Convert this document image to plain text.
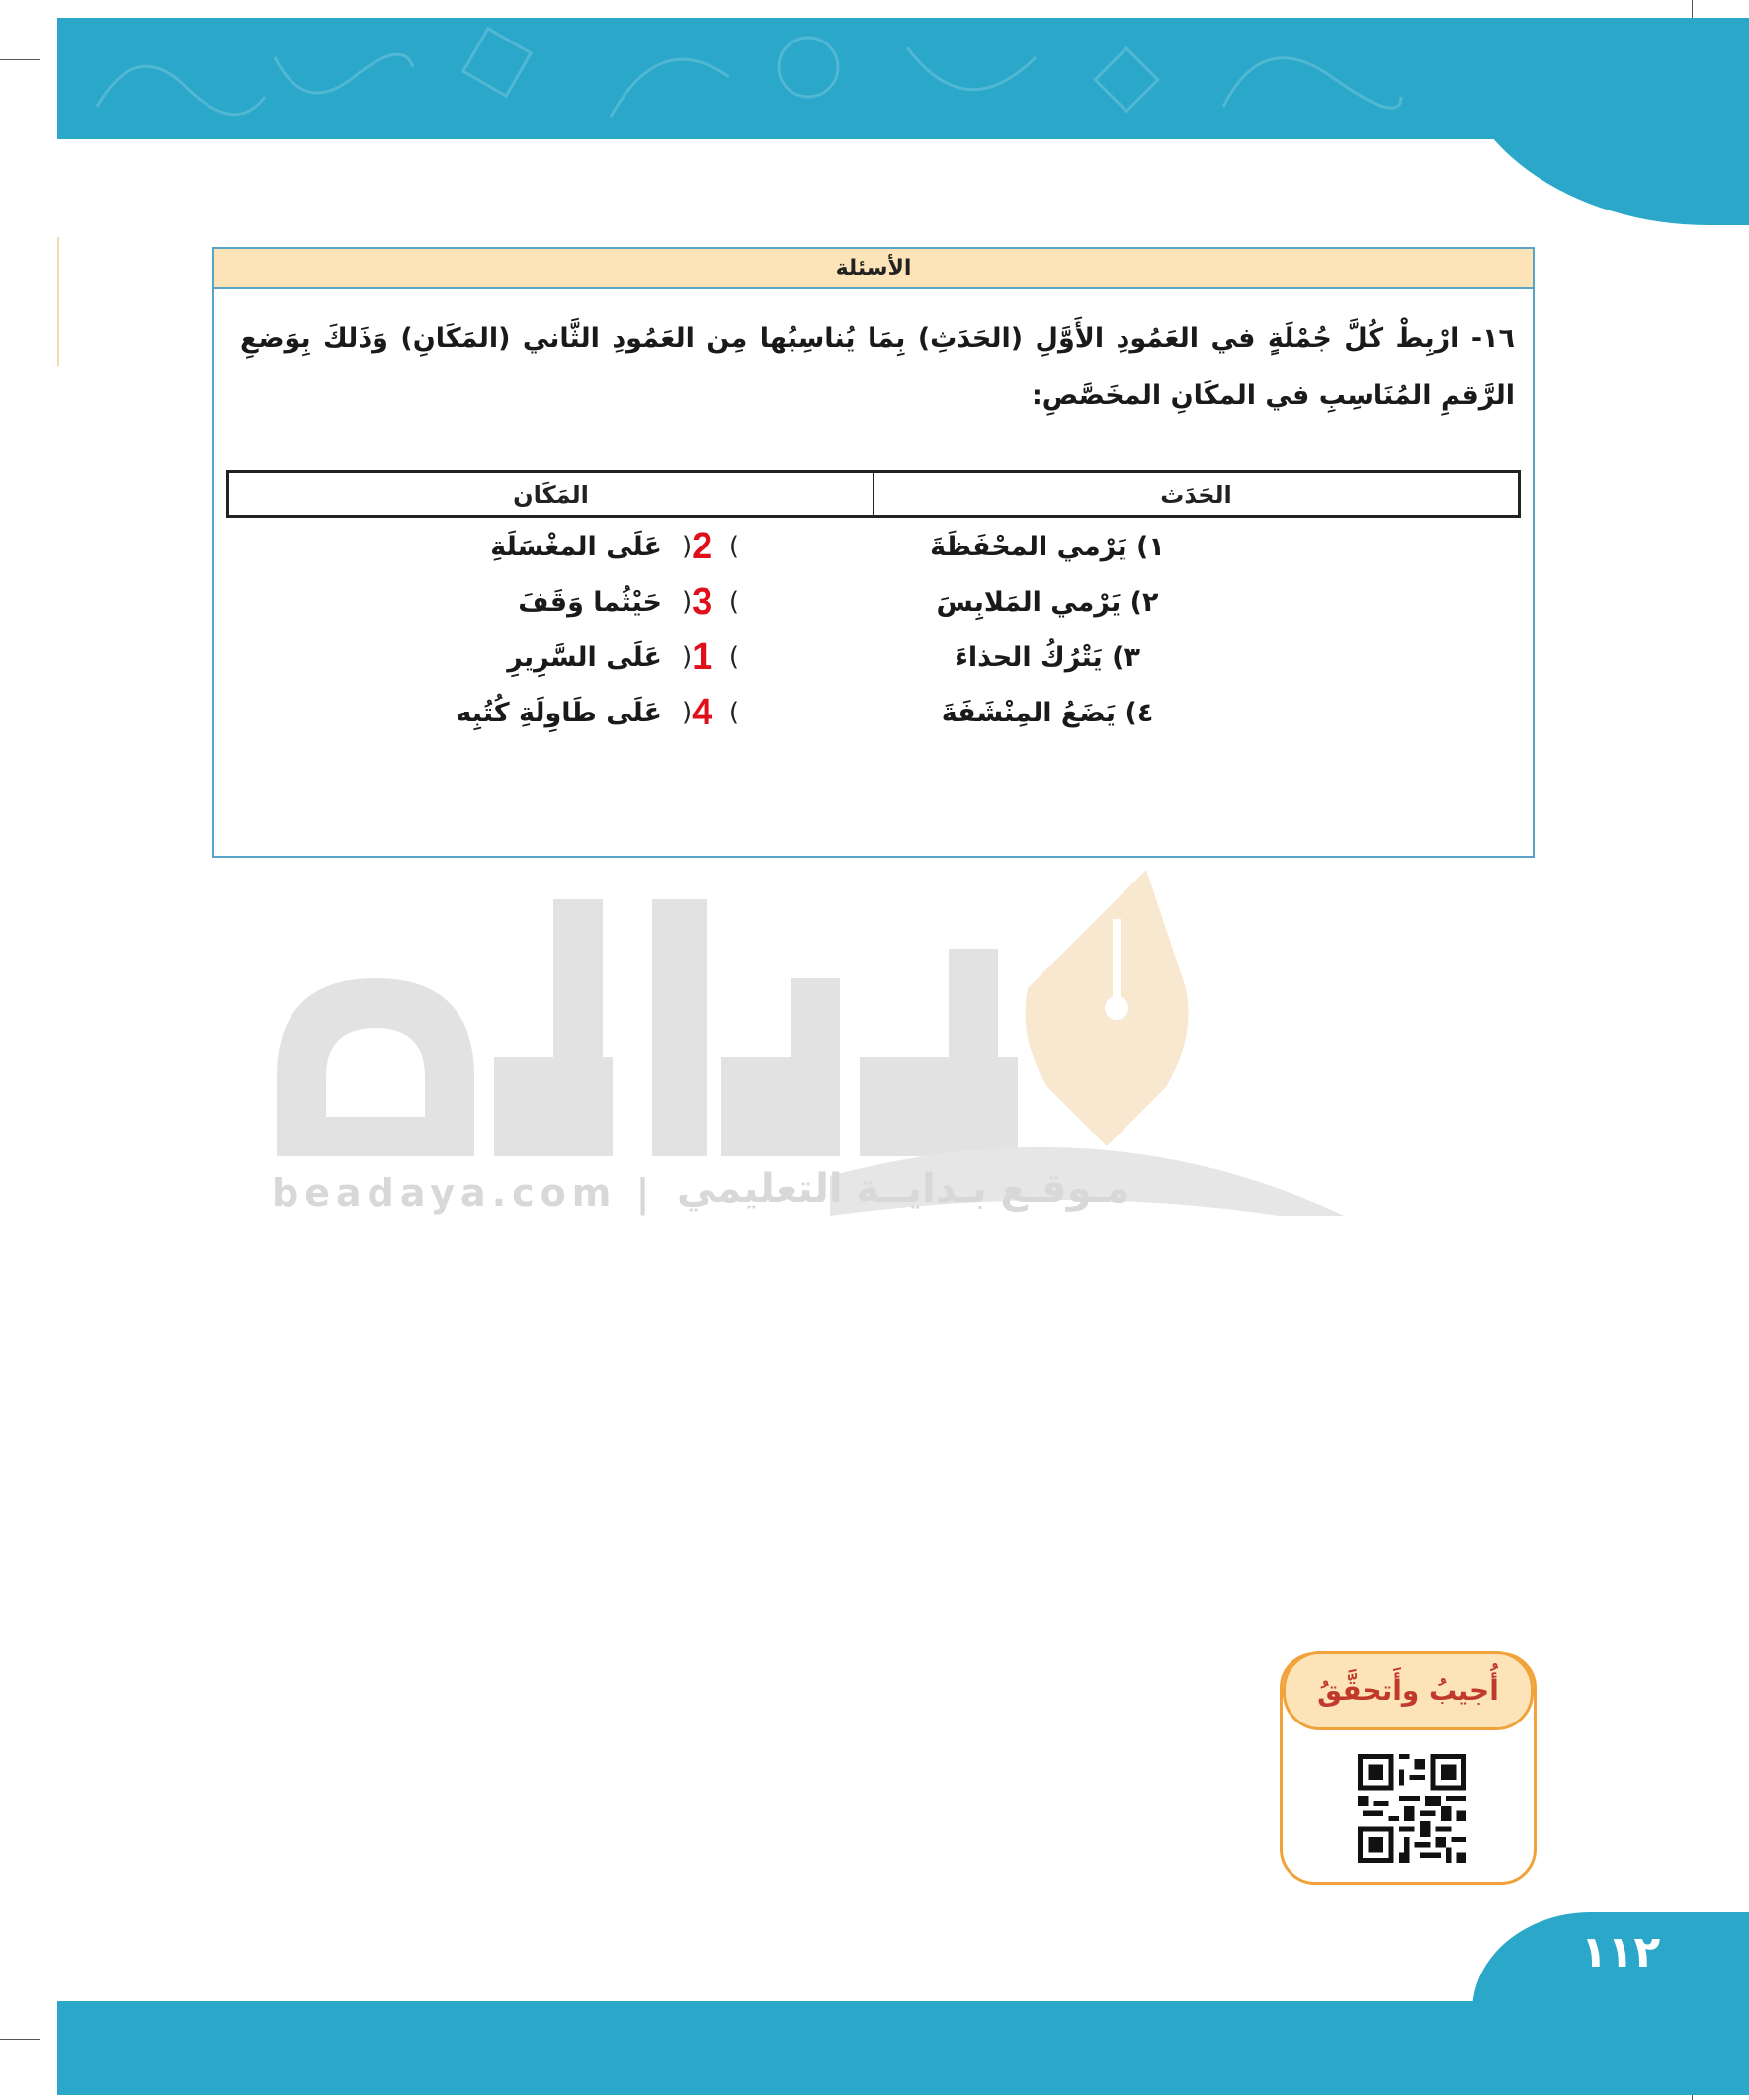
الأسئلة
١٦- ارْبِطْ كُلَّ جُمْلَةٍ في العَمُودِ الأَوَّلِ (الحَدَثِ) بِمَا يُناسِبُها مِن العَمُودِ الثَّاني (المَكَانِ) وَذَلكَ بِوَضعِ الرَّقمِ المُنَاسِبِ في المكَانِ المخَصَّصِ:
الحَدَث
المَكَان
١) يَرْمي المحْفَظَةَ
٢) يَرْمي المَلابِسَ
٣) يَتْرُكُ الحذاءَ
٤) يَضَعُ المِنْشَفَةَ
)2 (
)3 (
)1 (
)4 (
عَلَى المغْسَلَةِ
حَيْثُما وَقَفَ
عَلَى السَّرِيرِ
عَلَى طَاوِلَةِ كُتُبِه
beadaya.com | مـوقـع بـدايــة التعليمي
أُجيبُ وأَتحقَّقُ
١١٢
